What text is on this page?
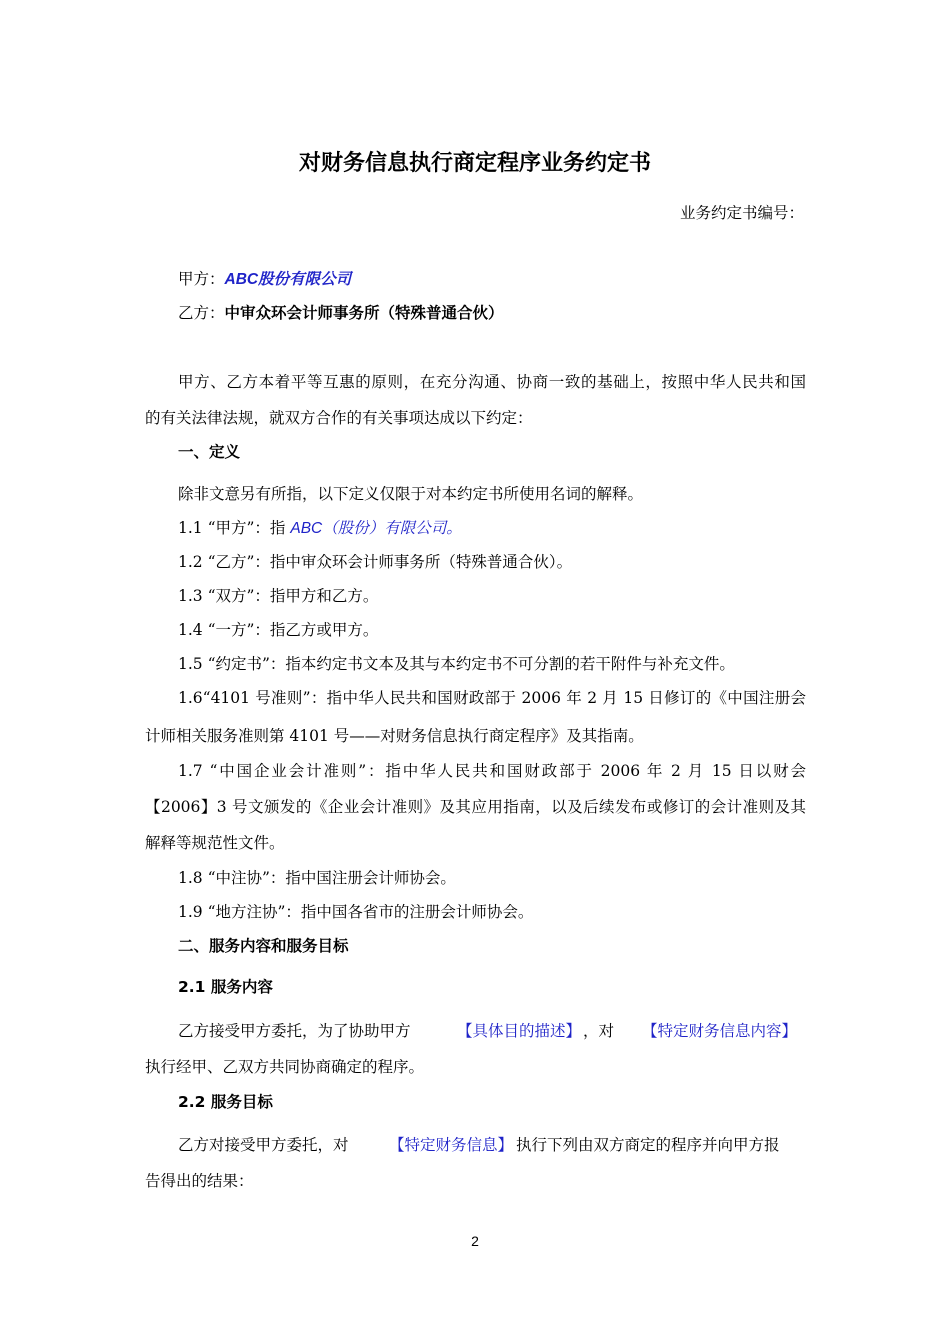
对财务信息执行商定程序业务约定书
业务约定书编号：
甲方：ABC股份有限公司
乙方：中审众环会计师事务所（特殊普通合伙）
甲方、乙方本着平等互惠的原则，在充分沟通、协商一致的基础上，按照中华人民共和国
的有关法律法规，就双方合作的有关事项达成以下约定：
一、定义
除非文意另有所指，以下定义仅限于对本约定书所使用名词的解释。
1.1 “甲方”：指 ABC（股份）有限公司。
1.2 “乙方”：指中审众环会计师事务所（特殊普通合伙）。
1.3 “双方”：指甲方和乙方。
1.4 “一方”：指乙方或甲方。
1.5 “约定书”：指本约定书文本及其与本约定书不可分割的若干附件与补充文件。
1.6“4101 号准则”：指中华人民共和国财政部于 2006 年 2 月 15 日修订的《中国注册会
计师相关服务准则第 4101 号——对财务信息执行商定程序》及其指南。
1.7 “中国企业会计准则”：指中华人民共和国财政部于 2006 年 2 月 15 日以财会
【2006】3 号文颁发的《企业会计准则》及其应用指南，以及后续发布或修订的会计准则及其
解释等规范性文件。
1.8 “中注协”：指中国注册会计师协会。
1.9 “地方注协”：指中国各省市的注册会计师协会。
二、服务内容和服务目标
2.1 服务内容
乙方接受甲方委托，为了协助甲方	【具体目的描述】 ，对 【特定财务信息内容】
执行经甲、乙双方共同协商确定的程序。
2.2 服务目标
乙方对接受甲方委托，对	【特定财务信息】 执行下列由双方商定的程序并向甲方报
告得出的结果：
2
